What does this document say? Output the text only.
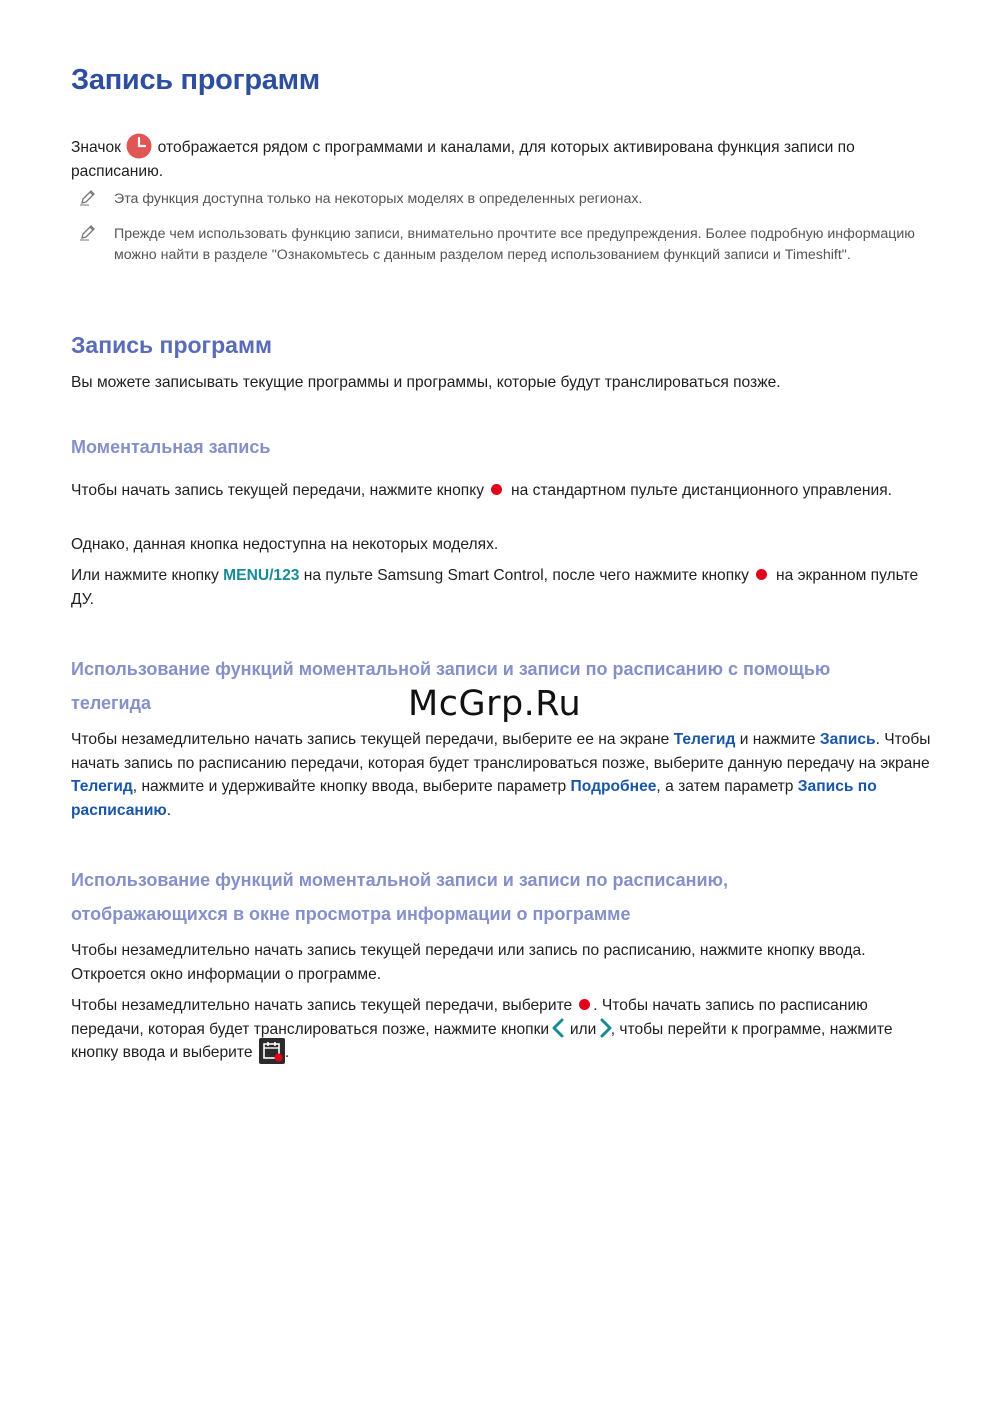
Запись программ
Значок отображается рядом с программами и каналами, для которых активирована функция записи по расписанию.
Эта функция доступна только на некоторых моделях в определенных регионах.
Прежде чем использовать функцию записи, внимательно прочтите все предупреждения. Более подробную информацию можно найти в разделе "Ознакомьтесь с данным разделом перед использованием функций записи и Timeshift".
Запись программ
Вы можете записывать текущие программы и программы, которые будут транслироваться позже.
Моментальная запись
Чтобы начать запись текущей передачи, нажмите кнопку на стандартном пульте дистанционного управления.
Однако, данная кнопка недоступна на некоторых моделях.
Или нажмите кнопку MENU/123 на пульте Samsung Smart Control, после чего нажмите кнопку на экранном пульте ДУ.
Использование функций моментальной записи и записи по расписанию с помощью
телегида
Чтобы незамедлительно начать запись текущей передачи, выберите ее на экране Телегид и нажмите Запись. Чтобы начать запись по расписанию передачи, которая будет транслироваться позже, выберите данную передачу на экране Телегид, нажмите и удерживайте кнопку ввода, выберите параметр Подробнее, а затем параметр Запись по расписанию.
Использование функций моментальной записи и записи по расписанию,
отображающихся в окне просмотра информации о программе
Чтобы незамедлительно начать запись текущей передачи или запись по расписанию, нажмите кнопку ввода. Откроется окно информации о программе.
Чтобы незамедлительно начать запись текущей передачи, выберите . Чтобы начать запись по расписанию передачи, которая будет транслироваться позже, нажмите кнопки или , чтобы перейти к программе, нажмите кнопку ввода и выберите .
McGrp.Ru
